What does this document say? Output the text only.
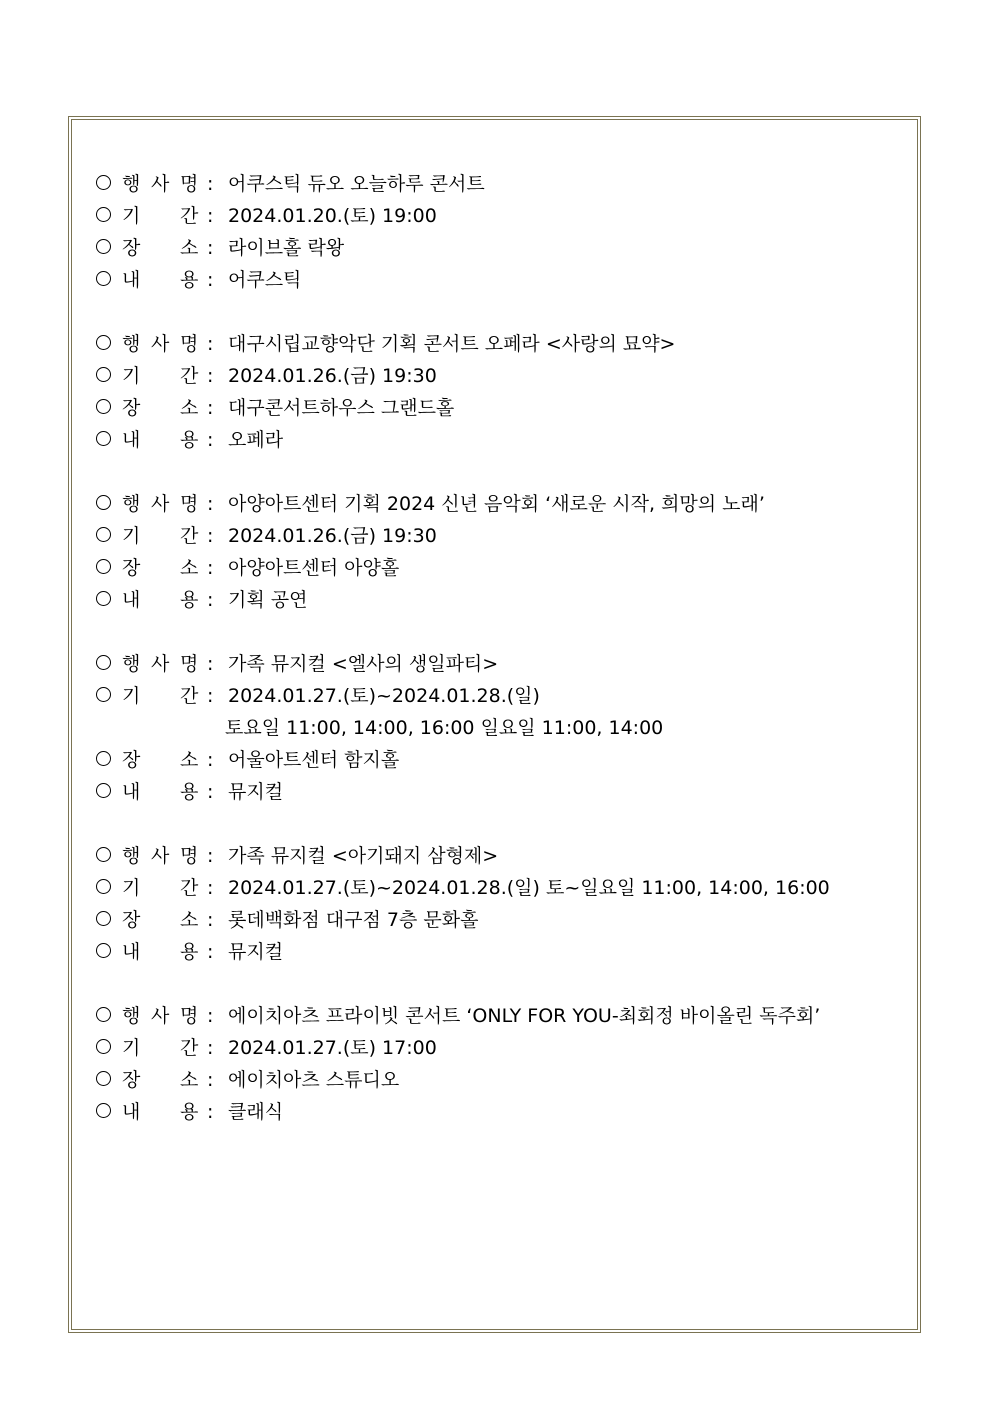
행 사 명 : 어쿠스틱 듀오 오늘하루 콘서트
기 간 : 2024.01.20.(토) 19:00
장 소 : 라이브홀 락왕
내 용 : 어쿠스틱
행 사 명 : 대구시립교향악단 기획 콘서트 오페라 <사랑의 묘약>
기 간 : 2024.01.26.(금) 19:30
장 소 : 대구콘서트하우스 그랜드홀
내 용 : 오페라
행 사 명 : 아양아트센터 기획 2024 신년 음악회 ‘새로운 시작, 희망의 노래’
기 간 : 2024.01.26.(금) 19:30
장 소 : 아양아트센터 아양홀
내 용 : 기획 공연
행 사 명 : 가족 뮤지컬 <엘사의 생일파티>
기 간 : 2024.01.27.(토)~2024.01.28.(일)
토요일 11:00, 14:00, 16:00 일요일 11:00, 14:00
장 소 : 어울아트센터 함지홀
내 용 : 뮤지컬
행 사 명 : 가족 뮤지컬 <아기돼지 삼형제>
기 간 : 2024.01.27.(토)~2024.01.28.(일) 토~일요일 11:00, 14:00, 16:00
장 소 : 롯데백화점 대구점 7층 문화홀
내 용 : 뮤지컬
행 사 명 : 에이치아츠 프라이빗 콘서트 ‘ONLY FOR YOU-최회정 바이올린 독주회’
기 간 : 2024.01.27.(토) 17:00
장 소 : 에이치아츠 스튜디오
내 용 : 클래식
